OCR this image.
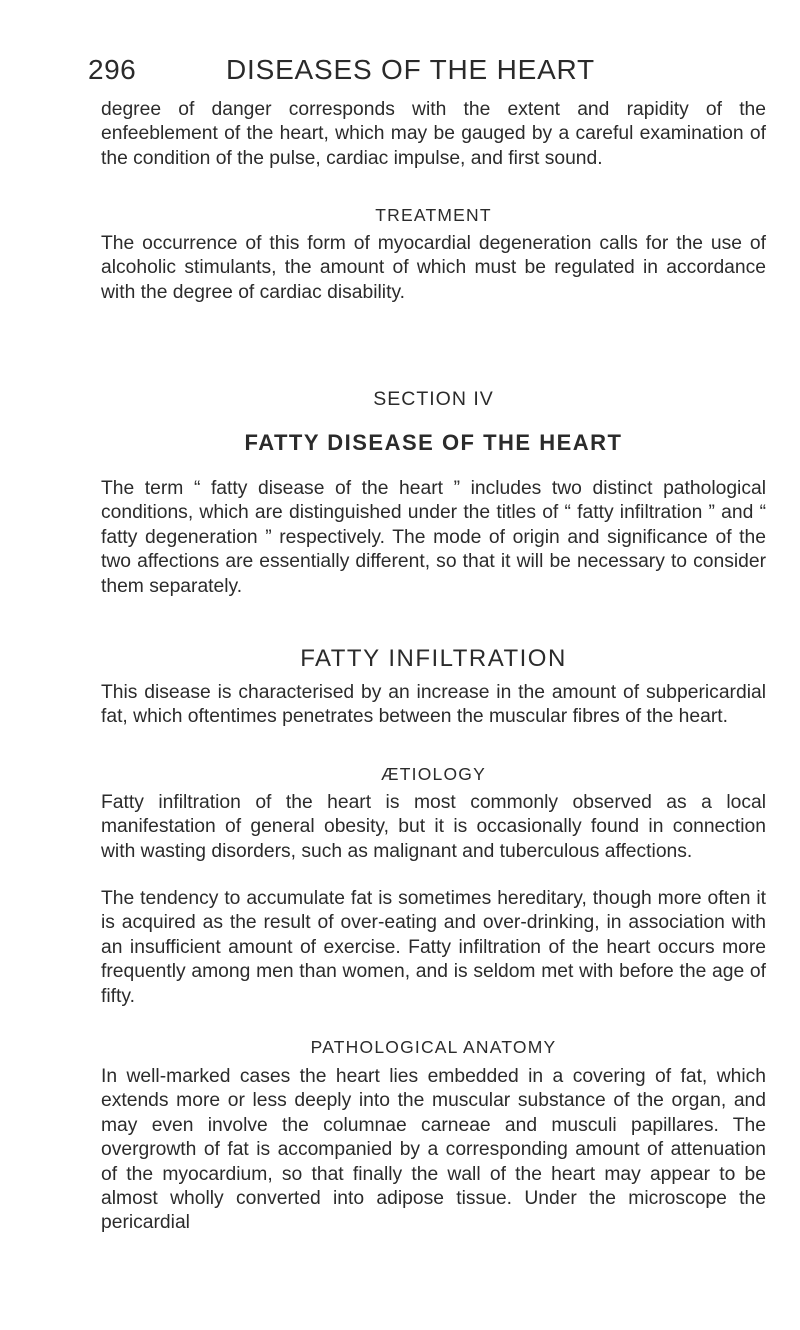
296	DISEASES OF THE HEART

degree of danger corresponds with the extent and rapidity of the enfeeblement of the heart, which may be gauged by a careful examination of the condition of the pulse, cardiac impulse, and first sound.

TREATMENT

The occurrence of this form of myocardial degeneration calls for the use of alcoholic stimulants, the amount of which must be regulated in accordance with the degree of cardiac disability.

SECTION IV
FATTY DISEASE OF THE HEART

The term “ fatty disease of the heart ” includes two distinct pathological conditions, which are distinguished under the titles of “ fatty infiltration ” and “ fatty degeneration ” respectively. The mode of origin and significance of the two affections are essentially different, so that it will be necessary to consider them separately.

FATTY INFILTRATION

This disease is characterised by an increase in the amount of subpericardial fat, which oftentimes penetrates between the muscular fibres of the heart.

ÆTIOLOGY

Fatty infiltration of the heart is most commonly observed as a local manifestation of general obesity, but it is occasionally found in connection with wasting disorders, such as malignant and tuberculous affections.

The tendency to accumulate fat is sometimes hereditary, though more often it is acquired as the result of over-eating and over-drinking, in association with an insufficient amount of exercise. Fatty infiltration of the heart occurs more frequently among men than women, and is seldom met with before the age of fifty.

PATHOLOGICAL ANATOMY

In well-marked cases the heart lies embedded in a covering of fat, which extends more or less deeply into the muscular substance of the organ, and may even involve the columnae carneae and musculi papillares. The overgrowth of fat is accompanied by a corresponding amount of attenuation of the myocardium, so that finally the wall of the heart may appear to be almost wholly converted into adipose tissue. Under the microscope the pericardial
